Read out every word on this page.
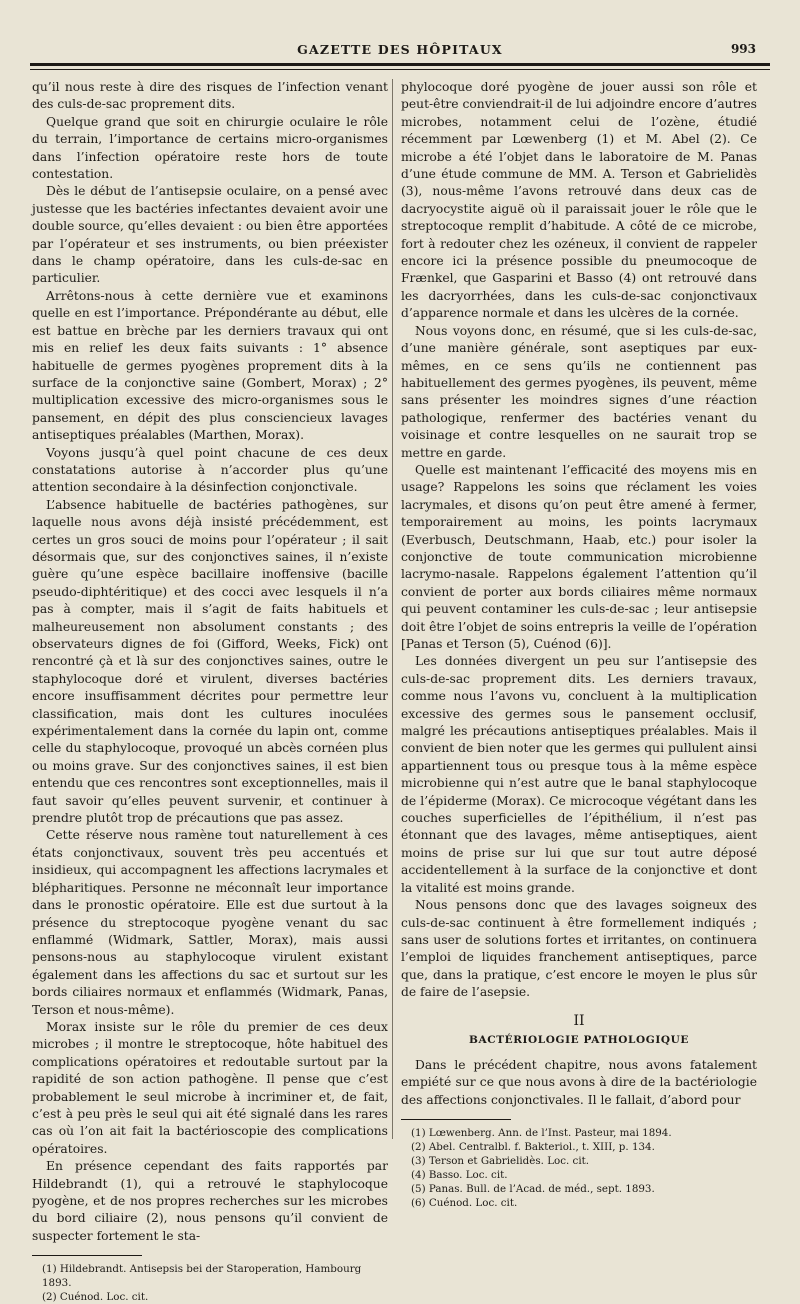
GAZETTE DES HÔPITAUX	993

qu’il nous reste à dire des risques de l’infection venant des culs-de-sac proprement dits.

Quelque grand que soit en chirurgie oculaire le rôle du terrain, l’importance de certains micro-organismes dans l’infection opératoire reste hors de toute contestation.

Dès le début de l’antisepsie oculaire, on a pensé avec justesse que les bactéries infectantes devaient avoir une double source, qu’elles devaient : ou bien être apportées par l’opérateur et ses instruments, ou bien préexister dans le champ opératoire, dans les culs-de-sac en particulier.

Arrêtons-nous à cette dernière vue et examinons quelle en est l’importance. Prépondérante au début, elle est battue en brèche par les derniers travaux qui ont mis en relief les deux faits suivants : 1° absence habituelle de germes pyogènes proprement dits à la surface de la conjonctive saine (Gombert, Morax) ; 2° multiplication excessive des micro-organismes sous le pansement, en dépit des plus consciencieux lavages antiseptiques préalables (Marthen, Morax).

Voyons jusqu’à quel point chacune de ces deux constatations autorise à n’accorder plus qu’une attention secondaire à la désinfection conjonctivale.

L’absence habituelle de bactéries pathogènes, sur laquelle nous avons déjà insisté précédemment, est certes un gros souci de moins pour l’opérateur ; il sait désormais que, sur des conjonctives saines, il n’existe guère qu’une espèce bacillaire inoffensive (bacille pseudo-diphtéritique) et des cocci avec lesquels il n’a pas à compter, mais il s’agit de faits habituels et malheureusement non absolument constants ; des observateurs dignes de foi (Gifford, Weeks, Fick) ont rencontré çà et là sur des conjonctives saines, outre le staphylocoque doré et virulent, diverses bactéries encore insuffisamment décrites pour permettre leur classification, mais dont les cultures inoculées expérimentalement dans la cornée du lapin ont, comme celle du staphylocoque, provoqué un abcès cornéen plus ou moins grave. Sur des conjonctives saines, il est bien entendu que ces rencontres sont exceptionnelles, mais il faut savoir qu’elles peuvent survenir, et continuer à prendre plutôt trop de précautions que pas assez.

Cette réserve nous ramène tout naturellement à ces états conjonctivaux, souvent très peu accentués et insidieux, qui accompagnent les affections lacrymales et blépharitiques. Personne ne méconnaît leur importance dans le pronostic opératoire. Elle est due surtout à la présence du streptocoque pyogène venant du sac enflammé (Widmark, Sattler, Morax), mais aussi pensons-nous au staphylocoque virulent existant également dans les affections du sac et surtout sur les bords ciliaires normaux et enflammés (Widmark, Panas, Terson et nous-même).

Morax insiste sur le rôle du premier de ces deux microbes ; il montre le streptocoque, hôte habituel des complications opératoires et redoutable surtout par la rapidité de son action pathogène. Il pense que c’est probablement le seul microbe à incriminer et, de fait, c’est à peu près le seul qui ait été signalé dans les rares cas où l’on ait fait la bactérioscopie des complications opératoires.

En présence cependant des faits rapportés par Hildebrandt (1), qui a retrouvé le staphylocoque pyogène, et de nos propres recherches sur les microbes du bord ciliaire (2), nous pensons qu’il convient de suspecter fortement le sta-

(1) Hildebrandt. Antisepsis bei der Staroperation, Hambourg 1893.

(2) Cuénod. Loc. cit.

phylocoque doré pyogène de jouer aussi son rôle et peut-être conviendrait-il de lui adjoindre encore d’autres microbes, notamment celui de l’ozène, étudié récemment par Lœwenberg (1) et M. Abel (2). Ce microbe a été l’objet dans le laboratoire de M. Panas d’une étude commune de MM. A. Terson et Gabrielidès (3), nous-même l’avons retrouvé dans deux cas de dacryocystite aiguë où il paraissait jouer le rôle que le streptocoque remplit d’habitude. A côté de ce microbe, fort à redouter chez les ozéneux, il convient de rappeler encore ici la présence possible du pneumocoque de Frænkel, que Gasparini et Basso (4) ont retrouvé dans les dacryorrhées, dans les culs-de-sac conjonctivaux d’apparence normale et dans les ulcères de la cornée.

Nous voyons donc, en résumé, que si les culs-de-sac, d’une manière générale, sont aseptiques par eux-mêmes, en ce sens qu’ils ne contiennent pas habituellement des germes pyogènes, ils peuvent, même sans présenter les moindres signes d’une réaction pathologique, renfermer des bactéries venant du voisinage et contre lesquelles on ne saurait trop se mettre en garde.

Quelle est maintenant l’efficacité des moyens mis en usage? Rappelons les soins que réclament les voies lacrymales, et disons qu’on peut être amené à fermer, temporairement au moins, les points lacrymaux (Everbusch, Deutschmann, Haab, etc.) pour isoler la conjonctive de toute communication microbienne lacrymo-nasale. Rappelons également l’attention qu’il convient de porter aux bords ciliaires même normaux qui peuvent contaminer les culs-de-sac ; leur antisepsie doit être l’objet de soins entrepris la veille de l’opération [Panas et Terson (5), Cuénod (6)].

Les données divergent un peu sur l’antisepsie des culs-de-sac proprement dits. Les derniers travaux, comme nous l’avons vu, concluent à la multiplication excessive des germes sous le pansement occlusif, malgré les précautions antiseptiques préalables. Mais il convient de bien noter que les germes qui pullulent ainsi appartiennent tous ou presque tous à la même espèce microbienne qui n’est autre que le banal staphylocoque de l’épiderme (Morax). Ce microcoque végétant dans les couches superficielles de l’épithélium, il n’est pas étonnant que des lavages, même antiseptiques, aient moins de prise sur lui que sur tout autre déposé accidentellement à la surface de la conjonctive et dont la vitalité est moins grande.

Nous pensons donc que des lavages soigneux des culs-de-sac continuent à être formellement indiqués ; sans user de solutions fortes et irritantes, on continuera l’emploi de liquides franchement antiseptiques, parce que, dans la pratique, c’est encore le moyen le plus sûr de faire de l’asepsie.

II
BACTÉRIOLOGIE PATHOLOGIQUE

Dans le précédent chapitre, nous avons fatalement empiété sur ce que nous avons à dire de la bactériologie des affections conjonctivales. Il le fallait, d’abord pour

(1) Lœwenberg. Ann. de l’Inst. Pasteur, mai 1894.

(2) Abel. Centralbl. f. Bakteriol., t. XIII, p. 134.

(3) Terson et Gabrielidès. Loc. cit.

(4) Basso. Loc. cit.

(5) Panas. Bull. de l’Acad. de méd., sept. 1893.

(6) Cuénod. Loc. cit.
